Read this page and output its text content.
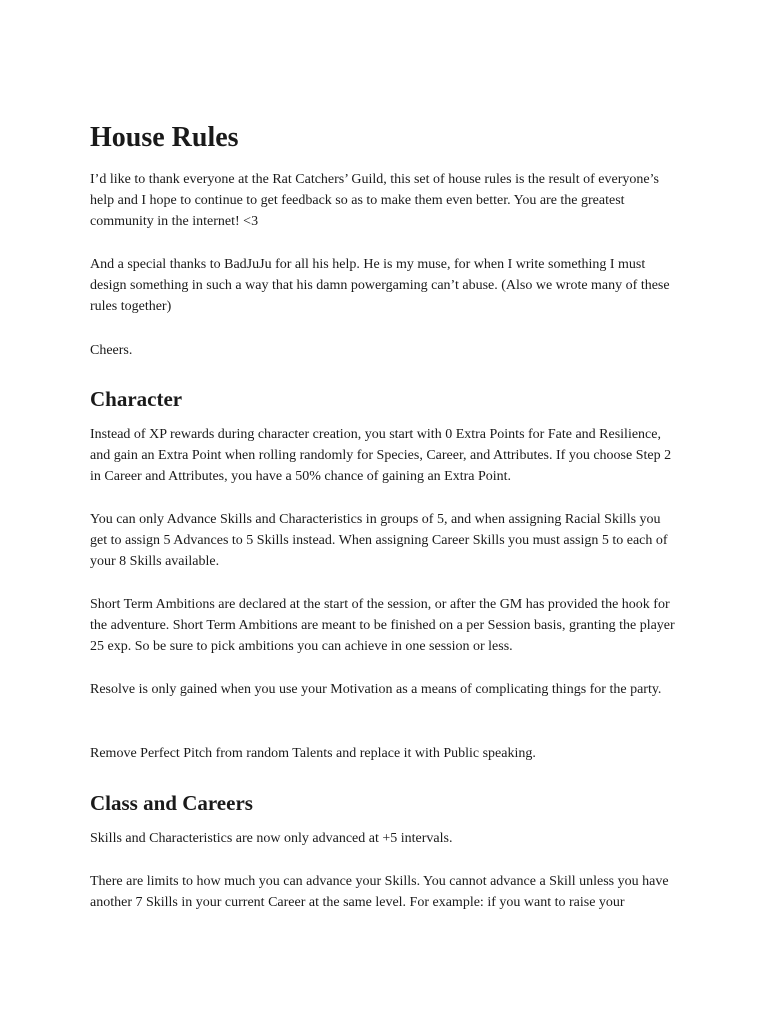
House Rules

I’d like to thank everyone at the Rat Catchers’ Guild, this set of house rules is the result of everyone’s help and I hope to continue to get feedback so as to make them even better. You are the greatest community in the internet! <3

And a special thanks to BadJuJu for all his help. He is my muse, for when I write something I must design something in such a way that his damn powergaming can’t abuse. (Also we wrote many of these rules together)

Cheers.

Character

Instead of XP rewards during character creation, you start with 0 Extra Points for Fate and Resilience, and gain an Extra Point when rolling randomly for Species, Career, and Attributes. If you choose Step 2 in Career and Attributes, you have a 50% chance of gaining an Extra Point.

You can only Advance Skills and Characteristics in groups of 5, and when assigning Racial Skills you get to assign 5 Advances to 5 Skills instead. When assigning Career Skills you must assign 5 to each of your 8 Skills available.

Short Term Ambitions are declared at the start of the session, or after the GM has provided the hook for the adventure. Short Term Ambitions are meant to be finished on a per Session basis, granting the player 25 exp. So be sure to pick ambitions you can achieve in one session or less.

Resolve is only gained when you use your Motivation as a means of complicating things for the party.

Remove Perfect Pitch from random Talents and replace it with Public speaking.

Class and Careers

Skills and Characteristics are now only advanced at +5 intervals.

There are limits to how much you can advance your Skills. You cannot advance a Skill unless you have another 7 Skills in your current Career at the same level. For example: if you want to raise your
